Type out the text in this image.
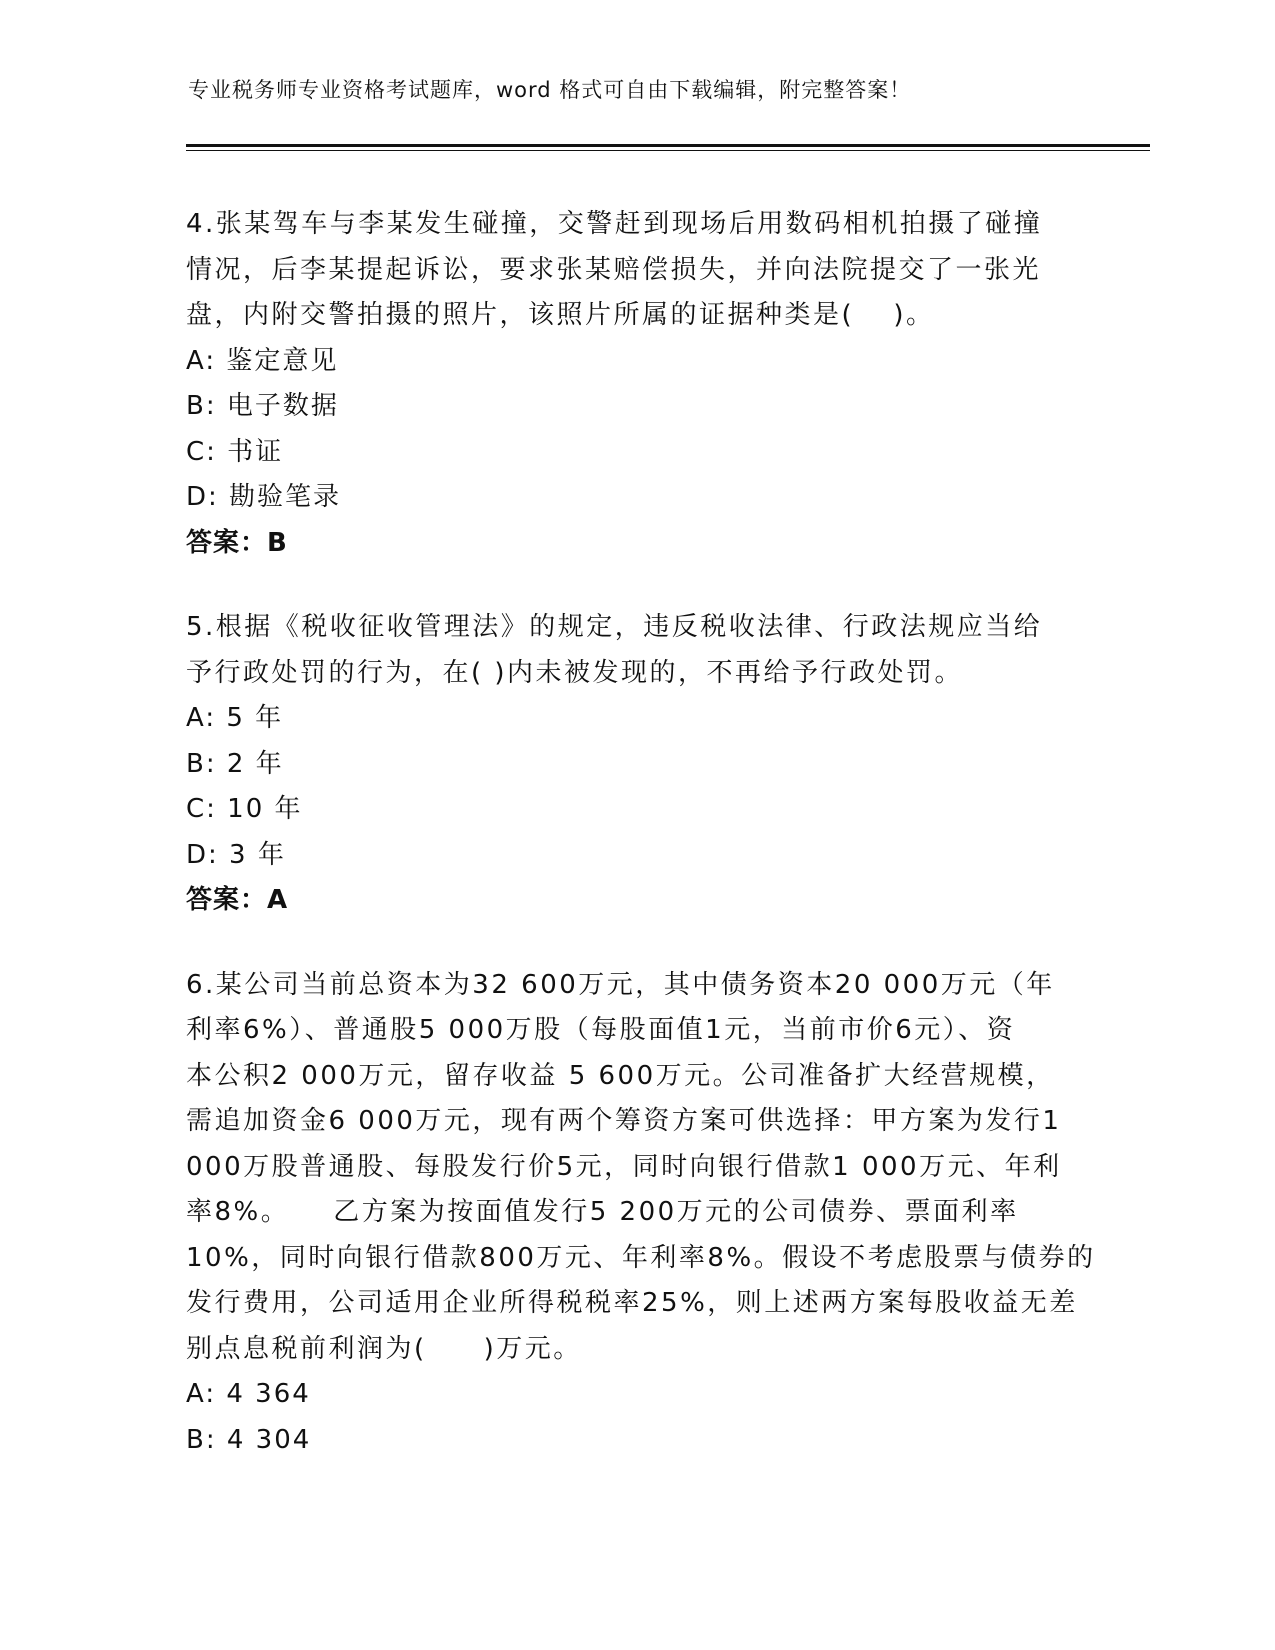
专业税务师专业资格考试题库，word 格式可自由下载编辑，附完整答案！
4.张某驾车与李某发生碰撞，交警赶到现场后用数码相机拍摄了碰撞
情况，后李某提起诉讼，要求张某赔偿损失，并向法院提交了一张光
盘，内附交警拍摄的照片，该照片所属的证据种类是(　 )。
A: 鉴定意见
B: 电子数据
C: 书证
D: 勘验笔录
答案：B
5.根据《税收征收管理法》的规定，违反税收法律、行政法规应当给
予行政处罚的行为，在( )内未被发现的，不再给予行政处罚。
A: 5 年
B: 2 年
C: 10 年
D: 3 年
答案：A
6.某公司当前总资本为32 600万元，其中债务资本20 000万元（年
利率6%）、普通股5 000万股（每股面值1元，当前市价6元）、资
本公积2 000万元，留存收益 5 600万元。公司准备扩大经营规模，
需追加资金6 000万元，现有两个筹资方案可供选择：甲方案为发行1
000万股普通股、每股发行价5元，同时向银行借款1 000万元、年利
率8%。　　乙方案为按面值发行5 200万元的公司债券、票面利率
10%，同时向银行借款800万元、年利率8%。假设不考虑股票与债券的
发行费用，公司适用企业所得税税率25%，则上述两方案每股收益无差
别点息税前利润为(　　)万元。
A: 4 364
B: 4 304
